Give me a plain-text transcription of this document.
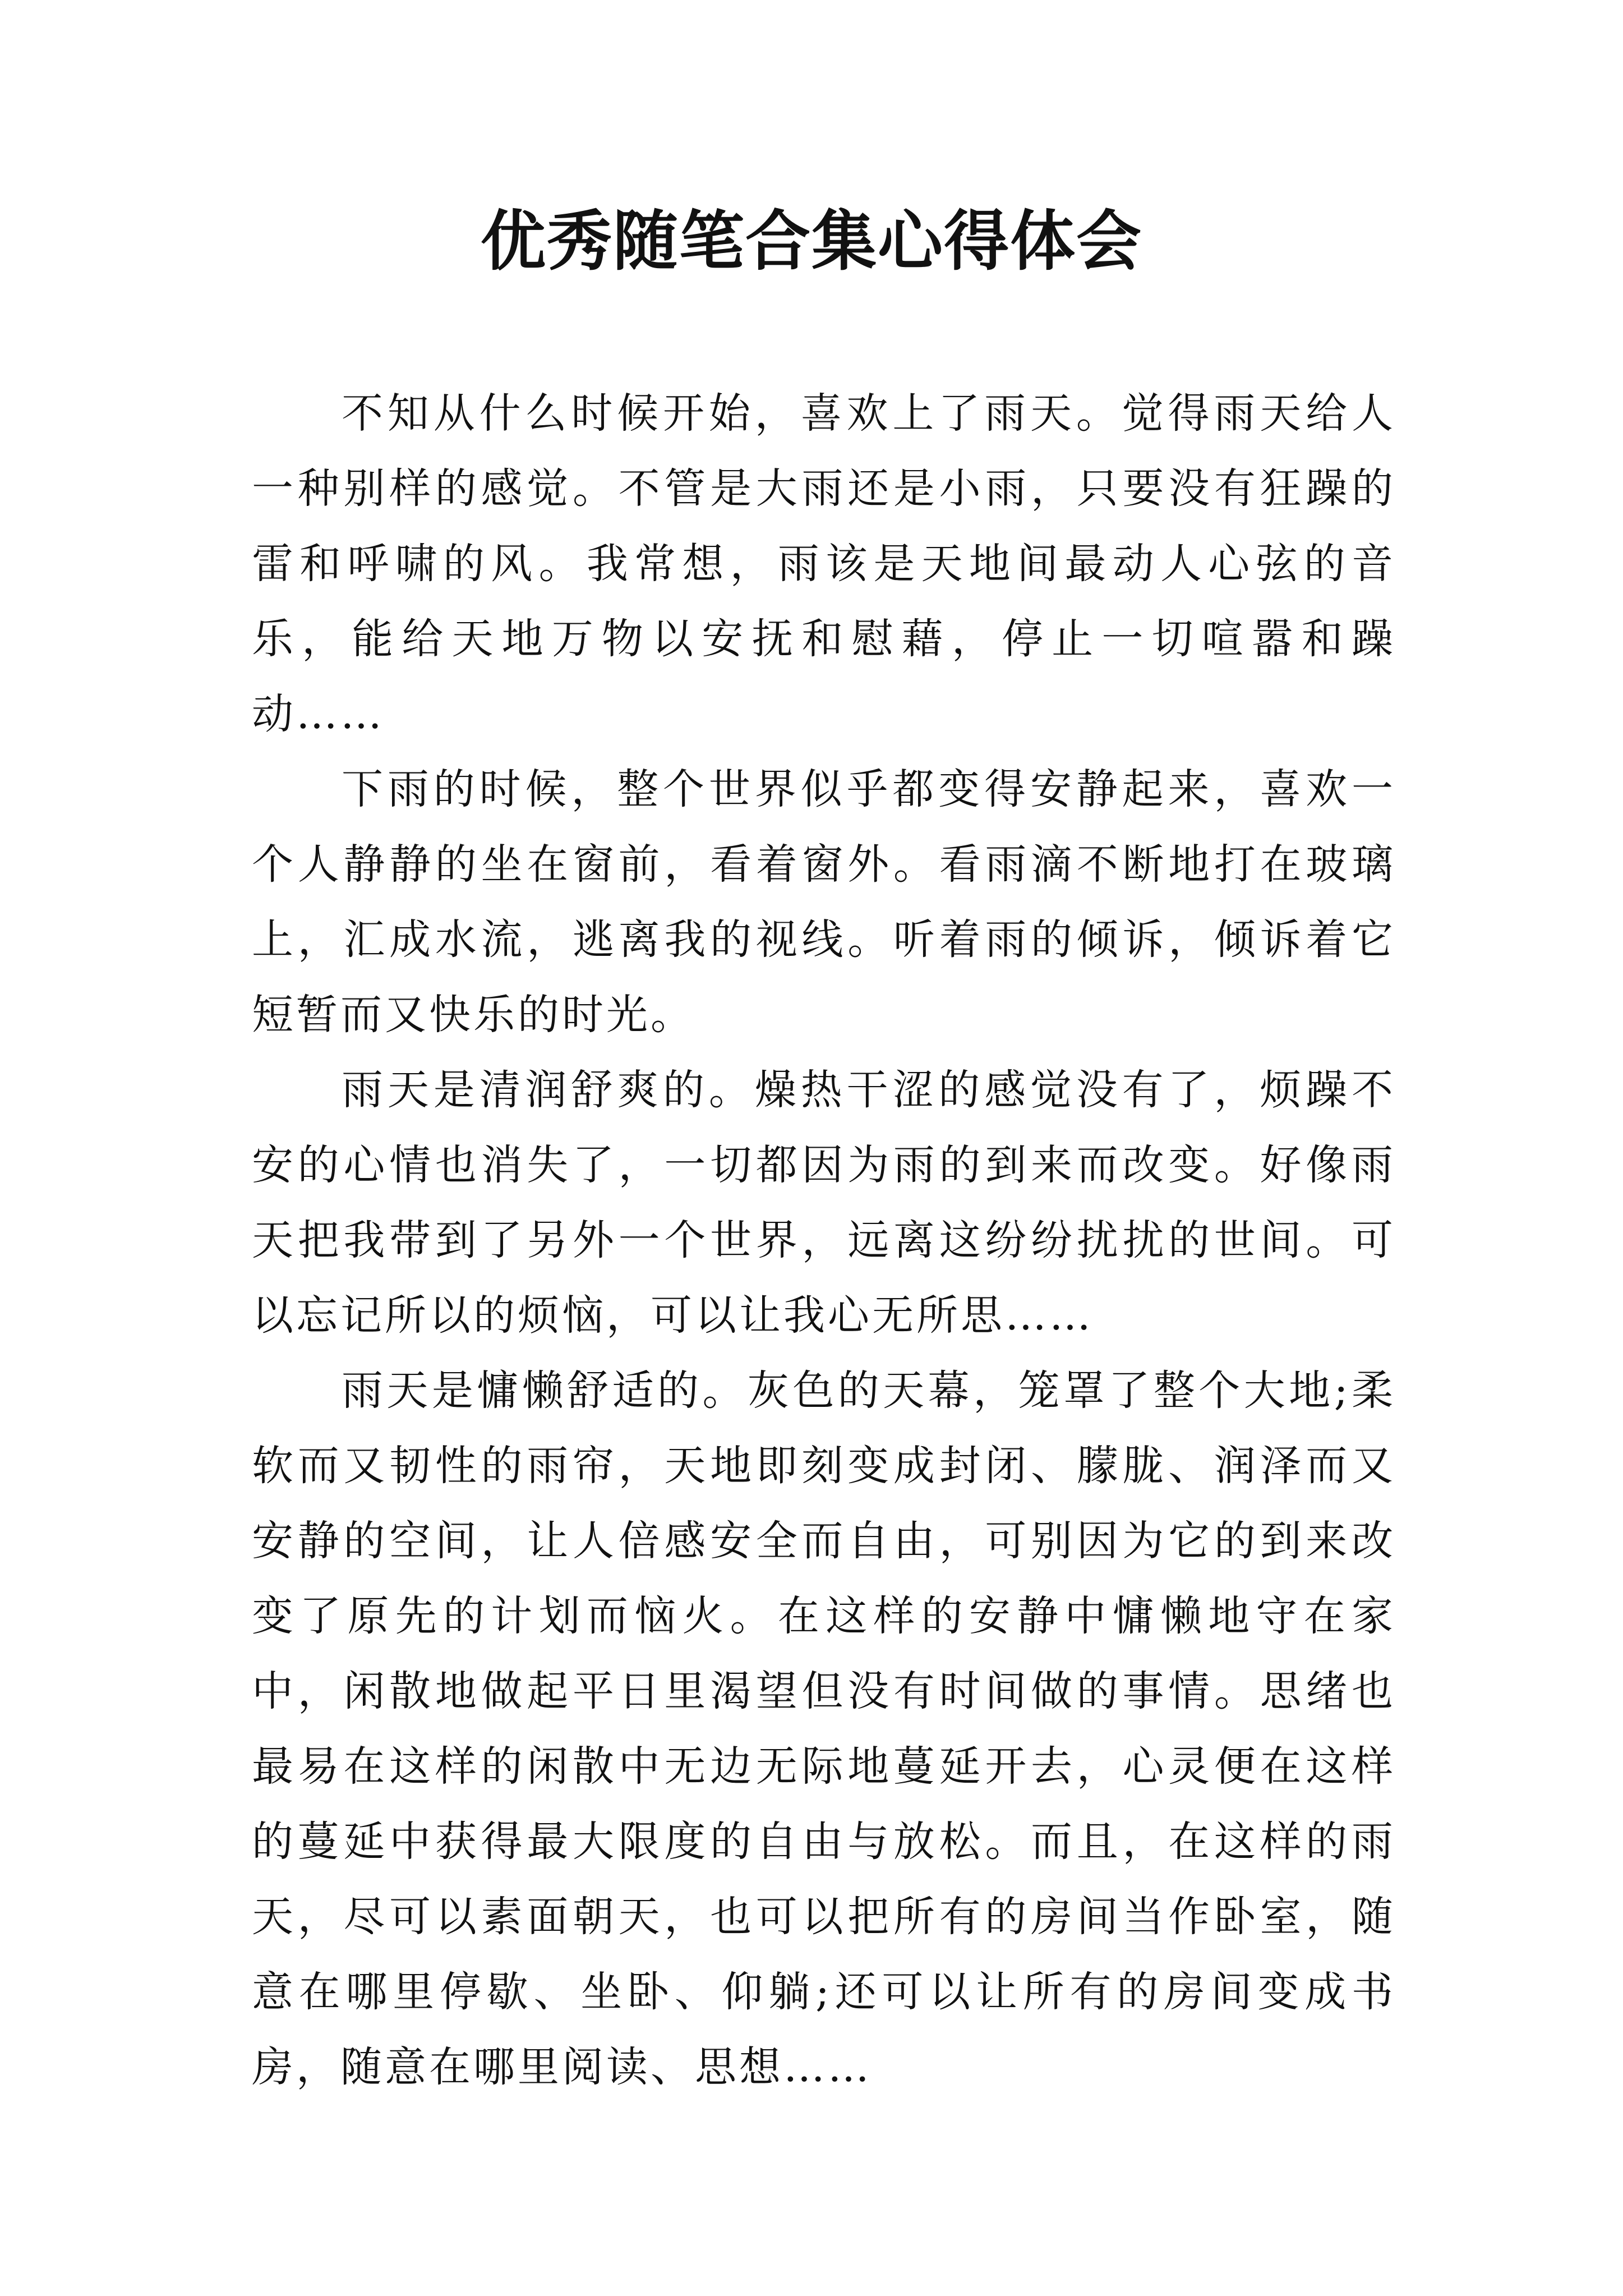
优秀随笔合集心得体会

不知从什么时候开始，喜欢上了雨天。觉得雨天给人一种别样的感觉。不管是大雨还是小雨，只要没有狂躁的雷和呼啸的风。我常想，雨该是天地间最动人心弦的音乐，能给天地万物以安抚和慰藉，停止一切喧嚣和躁动……

下雨的时候，整个世界似乎都变得安静起来，喜欢一个人静静的坐在窗前，看着窗外。看雨滴不断地打在玻璃上，汇成水流，逃离我的视线。听着雨的倾诉，倾诉着它短暂而又快乐的时光。

雨天是清润舒爽的。燥热干涩的感觉没有了，烦躁不安的心情也消失了，一切都因为雨的到来而改变。好像雨天把我带到了另外一个世界，远离这纷纷扰扰的世间。可以忘记所以的烦恼，可以让我心无所思……

雨天是慵懒舒适的。灰色的天幕，笼罩了整个大地;柔软而又韧性的雨帘，天地即刻变成封闭、朦胧、润泽而又安静的空间，让人倍感安全而自由，可别因为它的到来改变了原先的计划而恼火。在这样的安静中慵懒地守在家中，闲散地做起平日里渴望但没有时间做的事情。思绪也最易在这样的闲散中无边无际地蔓延开去，心灵便在这样的蔓延中获得最大限度的自由与放松。而且，在这样的雨天，尽可以素面朝天，也可以把所有的房间当作卧室，随意在哪里停歇、坐卧、仰躺;还可以让所有的房间变成书房，随意在哪里阅读、思想……
